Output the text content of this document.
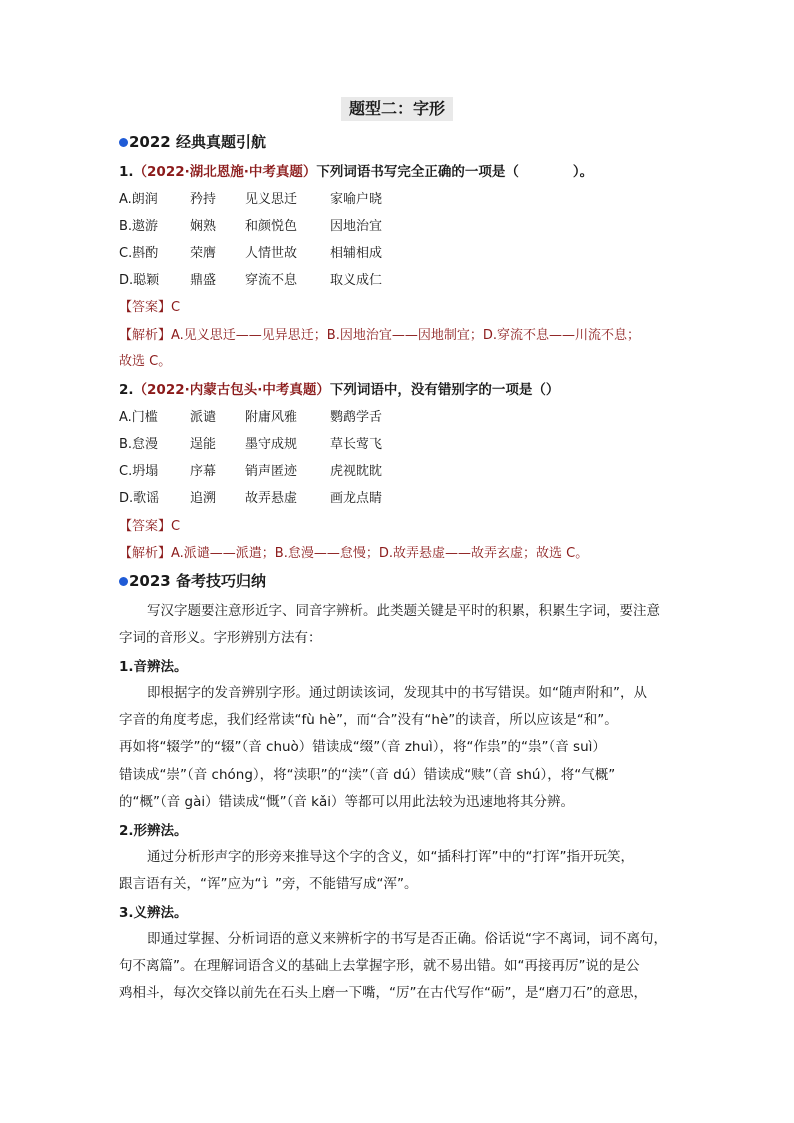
题型二：字形
2022 经典真题引航
1.（2022·湖北恩施·中考真题）下列词语书写完全正确的一项是（　　　　）。
A.朗润 矜持 见义思迁	家喻户晓
B.遨游 娴熟 和颜悦色	因地治宜
C.斟酌 荣膺 人情世故	相辅相成
D.聪颖 鼎盛 穿流不息	取义成仁
【答案】C
【解析】A.见义思迁——见异思迁；B.因地治宜——因地制宜；D.穿流不息——川流不息；
故选 C。
2.（2022·内蒙古包头·中考真题）下列词语中，没有错别字的一项是（）
A.门槛 派谴 附庸风雅	鹦鹉学舌
B.怠漫 逞能 墨守成规	草长莺飞
C.坍塌 序幕 销声匿迹	虎视眈眈
D.歌谣 追溯 故弄悬虚	画龙点睛
【答案】C
【解析】A.派谴——派遣；B.怠漫——怠慢；D.故弄悬虚——故弄玄虚；故选 C。
2023 备考技巧归纳
写汉字题要注意形近字、同音字辨析。此类题关键是平时的积累，积累生字词，要注意
字词的音形义。字形辨别方法有：
1.音辨法。
即根据字的发音辨别字形。通过朗读该词，发现其中的书写错误。如“随声附和”，从
字音的角度考虑，我们经常读“fù hè”，而“合”没有“hè”的读音，所以应该是“和”。
再如将“辍学”的“辍”（音 chuò）错读成“缀”（音 zhuì），将“作祟”的“祟”（音 suì）
错读成“崇”（音 chóng），将“渎职”的“渎”（音 dú）错读成“赎”（音 shú），将“气概”
的“概”（音 gài）错读成“慨”（音 kǎi）等都可以用此法较为迅速地将其分辨。
2.形辨法。
通过分析形声字的形旁来推导这个字的含义，如“插科打诨”中的“打诨”指开玩笑，
跟言语有关，“诨”应为“讠”旁，不能错写成“浑”。
3.义辨法。
即通过掌握、分析词语的意义来辨析字的书写是否正确。俗话说“字不离词，词不离句，
句不离篇”。在理解词语含义的基础上去掌握字形，就不易出错。如“再接再厉”说的是公
鸡相斗，每次交锋以前先在石头上磨一下嘴，“厉”在古代写作“砺”，是“磨刀石”的意思，
